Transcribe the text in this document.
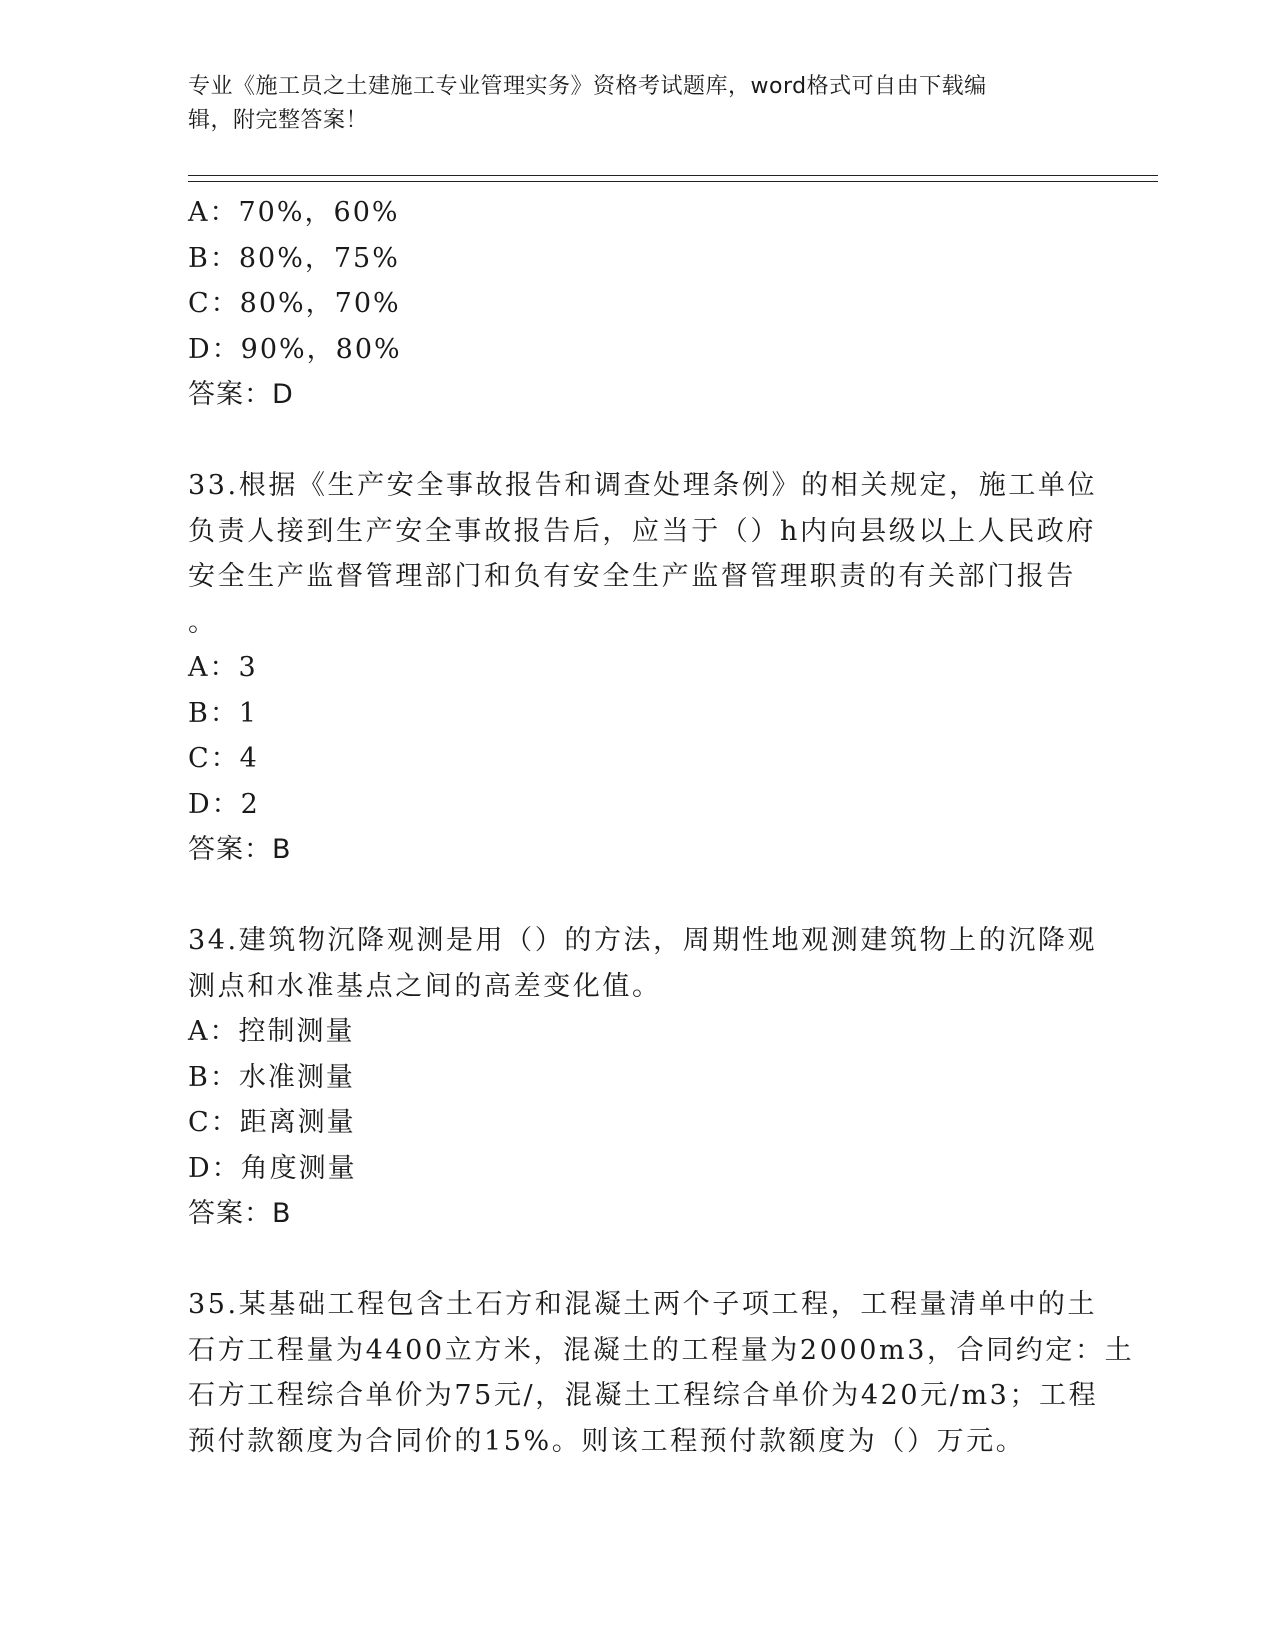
专业《施工员之土建施工专业管理实务》资格考试题库，word格式可自由下载编
辑，附完整答案！
A：70%，60%
B：80%，75%
C：80%，70%
D：90%，80%
答案：D
33.根据《生产安全事故报告和调查处理条例》的相关规定，施工单位
负责人接到生产安全事故报告后，应当于（）h内向县级以上人民政府
安全生产监督管理部门和负有安全生产监督管理职责的有关部门报告
。
A：3
B：1
C：4
D：2
答案：B
34.建筑物沉降观测是用（）的方法，周期性地观测建筑物上的沉降观
测点和水准基点之间的高差变化值。
A：控制测量
B：水准测量
C：距离测量
D：角度测量
答案：B
35.某基础工程包含土石方和混凝土两个子项工程，工程量清单中的土
石方工程量为4400立方米，混凝土的工程量为2000m3，合同约定：土
石方工程综合单价为75元/，混凝土工程综合单价为420元/m3；工程
预付款额度为合同价的15%。则该工程预付款额度为（）万元。
